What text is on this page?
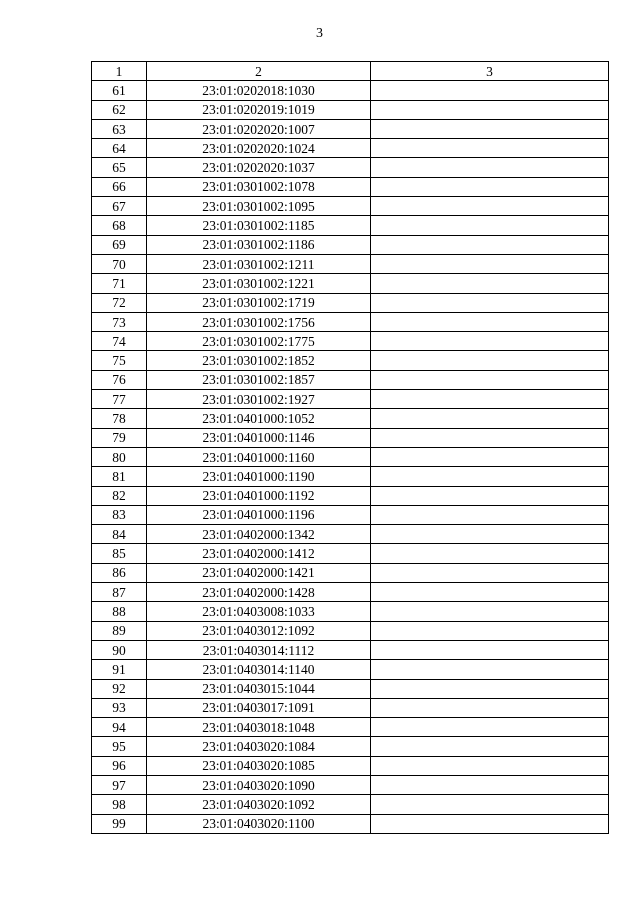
3
1	2	3
61	23:01:0202018:1030	
62	23:01:0202019:1019	
63	23:01:0202020:1007	
64	23:01:0202020:1024	
65	23:01:0202020:1037	
66	23:01:0301002:1078	
67	23:01:0301002:1095	
68	23:01:0301002:1185	
69	23:01:0301002:1186	
70	23:01:0301002:1211	
71	23:01:0301002:1221	
72	23:01:0301002:1719	
73	23:01:0301002:1756	
74	23:01:0301002:1775	
75	23:01:0301002:1852	
76	23:01:0301002:1857	
77	23:01:0301002:1927	
78	23:01:0401000:1052	
79	23:01:0401000:1146	
80	23:01:0401000:1160	
81	23:01:0401000:1190	
82	23:01:0401000:1192	
83	23:01:0401000:1196	
84	23:01:0402000:1342	
85	23:01:0402000:1412	
86	23:01:0402000:1421	
87	23:01:0402000:1428	
88	23:01:0403008:1033	
89	23:01:0403012:1092	
90	23:01:0403014:1112	
91	23:01:0403014:1140	
92	23:01:0403015:1044	
93	23:01:0403017:1091	
94	23:01:0403018:1048	
95	23:01:0403020:1084	
96	23:01:0403020:1085	
97	23:01:0403020:1090	
98	23:01:0403020:1092	
99	23:01:0403020:1100	
